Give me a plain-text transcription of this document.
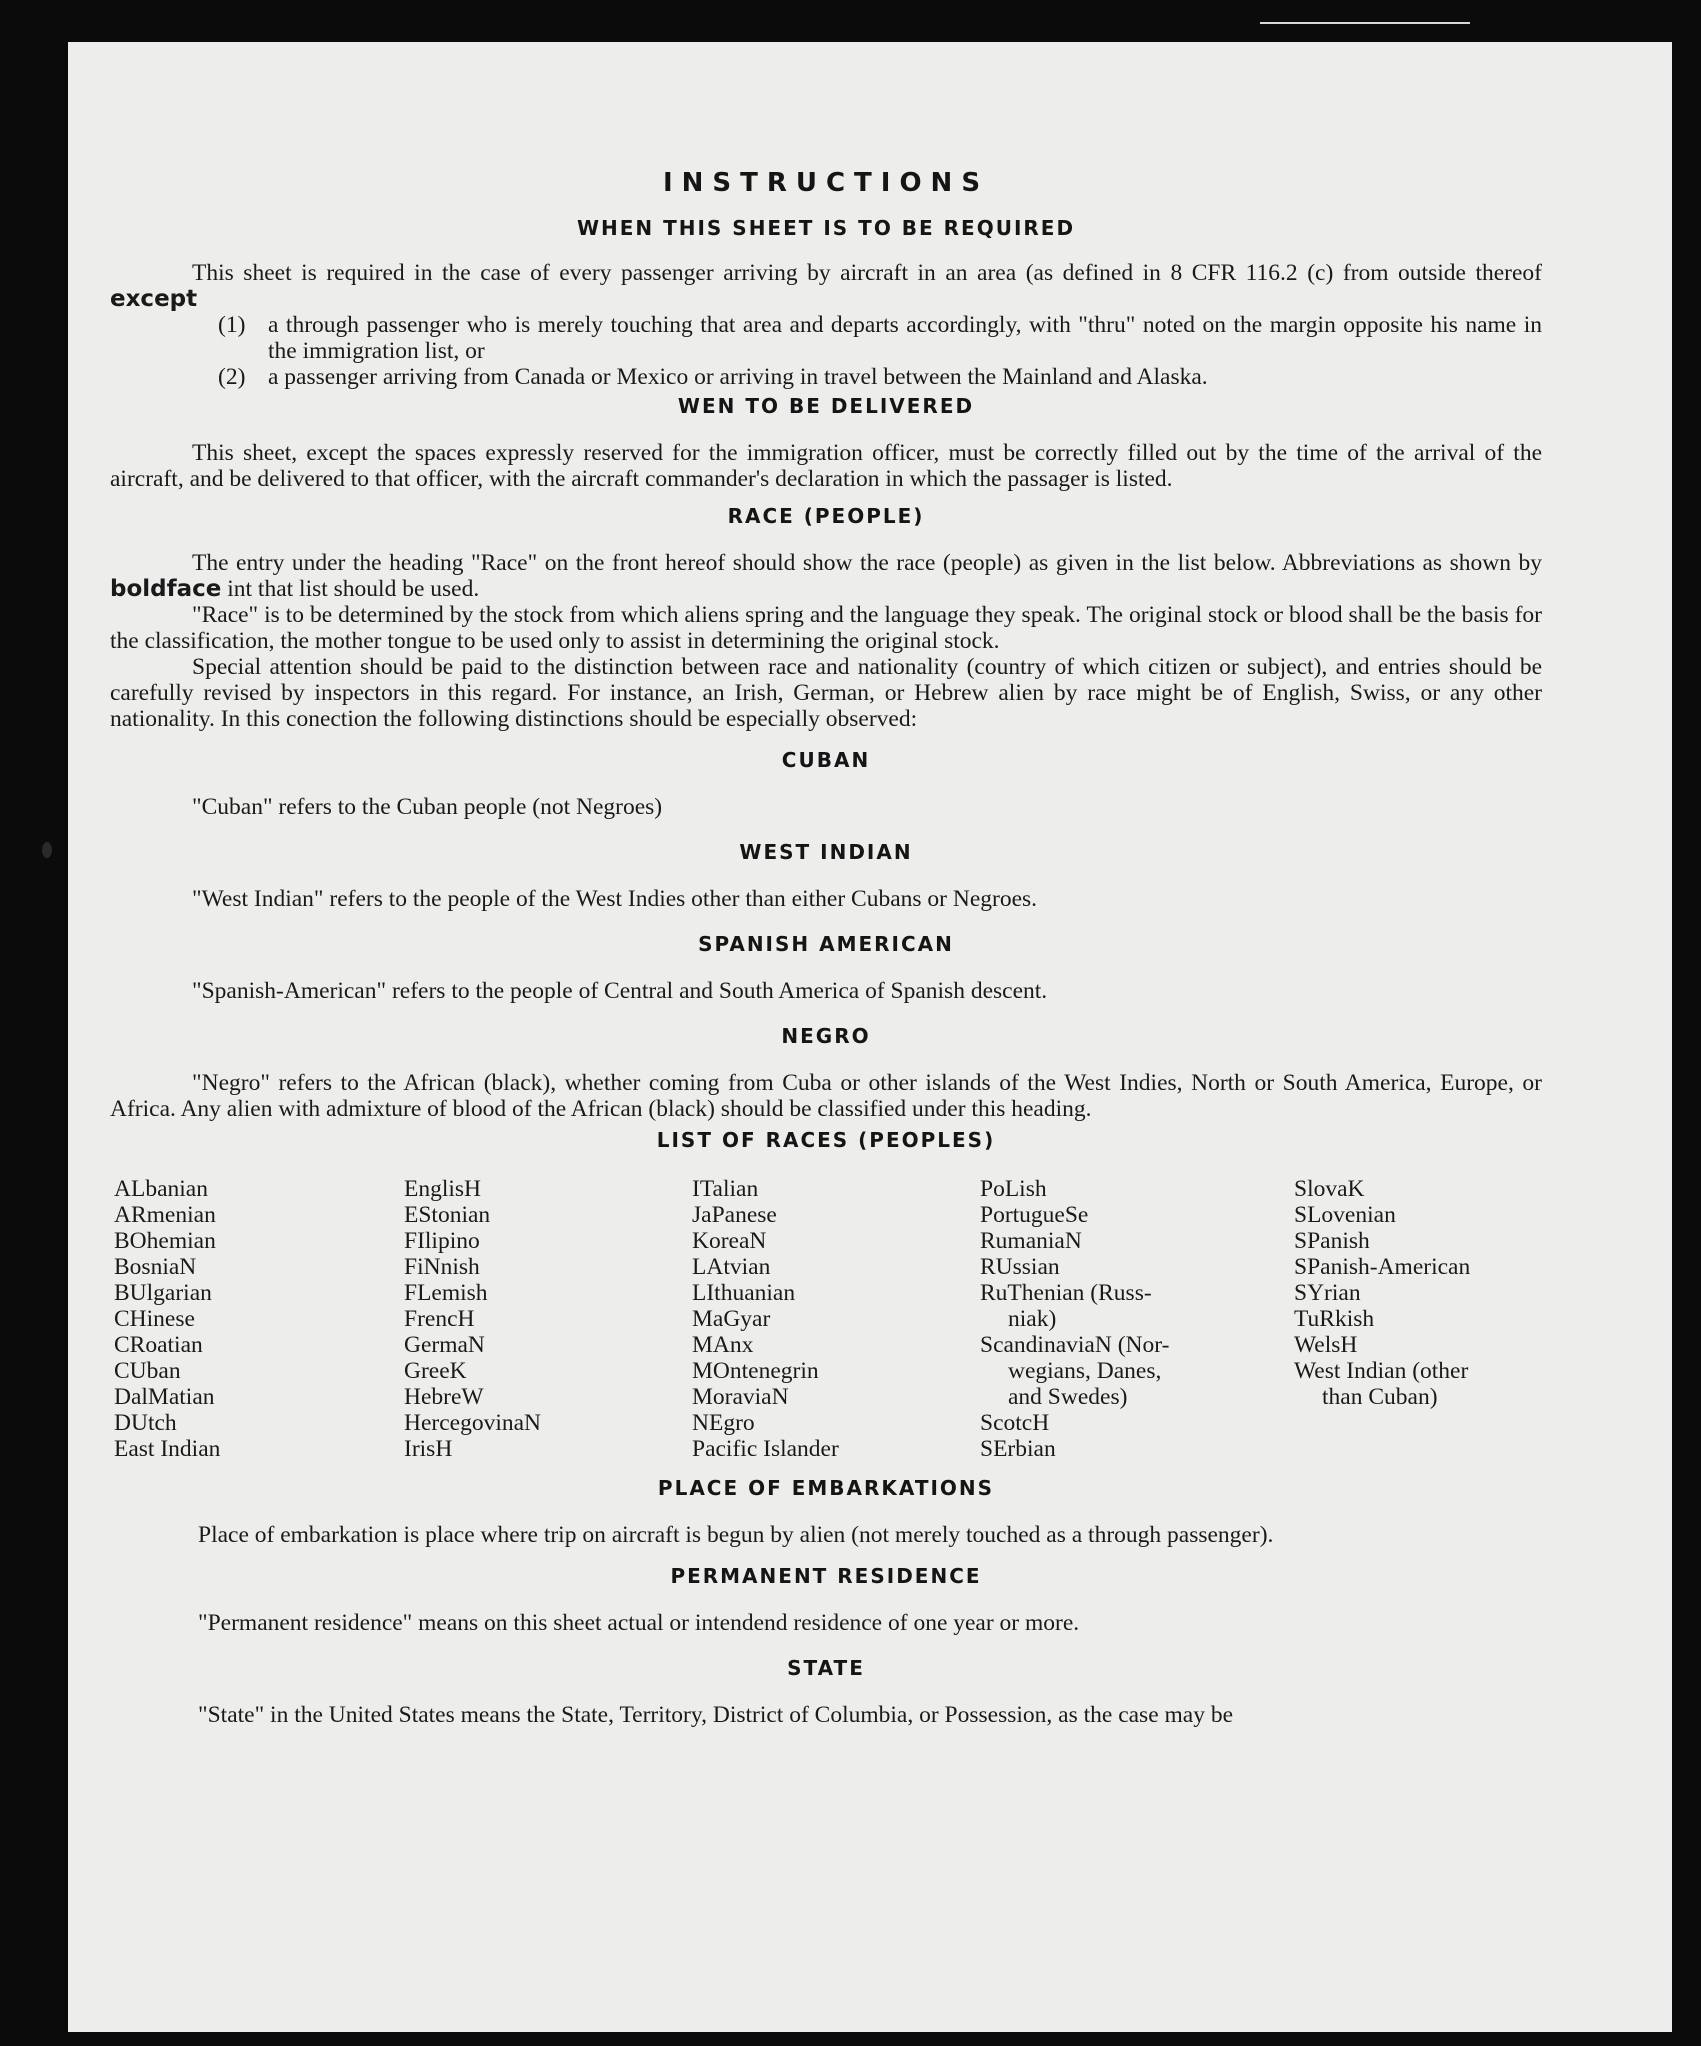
INSTRUCTIONS
WHEN THIS SHEET IS TO BE REQUIRED

This sheet is required in the case of every passenger arriving by aircraft in an area (as defined in 8 CFR 116.2 (c) from outside thereof except

(1) a through passenger who is merely touching that area and departs accordingly, with "thru" noted on the margin opposite his name in the immigration list, or
(2) a passenger arriving from Canada or Mexico or arriving in travel between the Mainland and Alaska.
WEN TO BE DELIVERED

This sheet, except the spaces expressly reserved for the immigration officer, must be correctly filled out by the time of the arrival of the aircraft, and be delivered to that officer, with the aircraft commander's declaration in which the passager is listed.

RACE (PEOPLE)

The entry under the heading "Race" on the front hereof should show the race (people) as given in the list below. Abbreviations as shown by boldface int that list should be used.

"Race" is to be determined by the stock from which aliens spring and the language they speak. The original stock or blood shall be the basis for the classification, the mother tongue to be used only to assist in determining the original stock.

Special attention should be paid to the distinction between race and nationality (country of which citizen or subject), and entries should be carefully revised by inspectors in this regard. For instance, an Irish, German, or Hebrew alien by race might be of English, Swiss, or any other nationality. In this conection the following distinctions should be especially observed:

CUBAN

"Cuban" refers to the Cuban people (not Negroes)

WEST INDIAN

"West Indian" refers to the people of the West Indies other than either Cubans or Negroes.

SPANISH AMERICAN

"Spanish-American" refers to the people of Central and South America of Spanish descent.

NEGRO

"Negro" refers to the African (black), whether coming from Cuba or other islands of the West Indies, North or South America, Europe, or Africa. Any alien with admixture of blood of the African (black) should be classified under this heading.

LIST OF RACES (PEOPLES)
ALbanian
ARmenian
BOhemian
BosniaN
BUlgarian
CHinese
CRoatian
CUban
DalMatian
DUtch
East Indian
EnglisH
EStonian
FIlipino
FiNnish
FLemish
FrencH
GermaN
GreeK
HebreW
HercegovinaN
IrisH
ITalian
JaPanese
KoreaN
LAtvian
LIthuanian
MaGyar
MAnx
MOntenegrin
MoraviaN
NEgro
Pacific Islander
PoLish
PortugueSe
RumaniaN
RUssian
RuThenian (Russ-
niak)
ScandinaviaN (Nor-
wegians, Danes,
and Swedes)
ScotcH
SErbian
SlovaK
SLovenian
SPanish
SPanish-American
SYrian
TuRkish
WelsH
West Indian (other
than Cuban)
PLACE OF EMBARKATIONS

Place of embarkation is place where trip on aircraft is begun by alien (not merely touched as a through passenger).

PERMANENT RESIDENCE

"Permanent residence" means on this sheet actual or intendend residence of one year or more.

STATE

"State" in the United States means the State, Territory, District of Columbia, or Possession, as the case may be
